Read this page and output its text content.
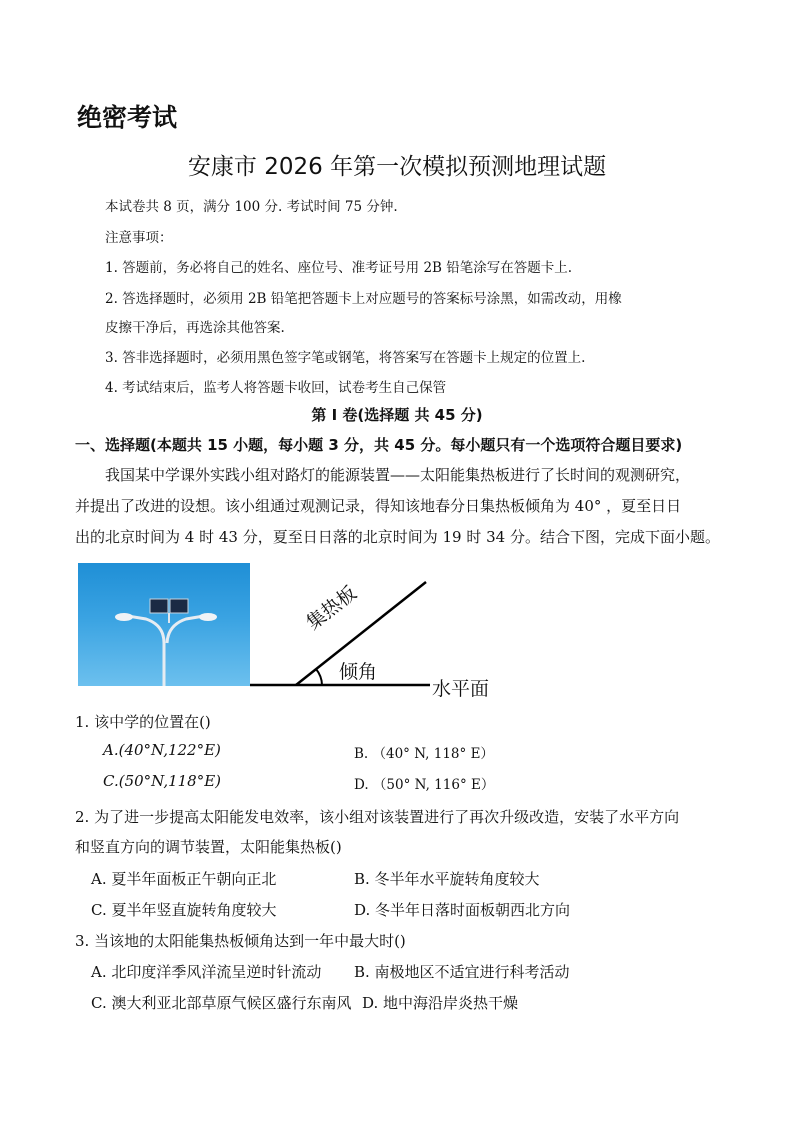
绝密考试
安康市 2026 年第一次模拟预测地理试题
本试卷共 8 页，满分 100 分. 考试时间 75 分钟.
注意事项：
1. 答题前，务必将自己的姓名、座位号、准考证号用 2B 铅笔涂写在答题卡上.
2. 答选择题时，必须用 2B 铅笔把答题卡上对应题号的答案标号涂黑，如需改动，用橡
皮擦干净后，再选涂其他答案.
3. 答非选择题时，必须用黑色签字笔或钢笔，将答案写在答题卡上规定的位置上.
4. 考试结束后，监考人将答题卡收回，试卷考生自己保管
第 I 卷(选择题 共 45 分)
一、选择题(本题共 15 小题，每小题 3 分，共 45 分。每小题只有一个选项符合题目要求)
我国某中学课外实践小组对路灯的能源装置——太阳能集热板进行了长时间的观测研究，
并提出了改进的设想。该小组通过观测记录，得知该地春分日集热板倾角为 40° ，夏至日日
出的北京时间为 4 时 43 分，夏至日日落的北京时间为 19 时 34 分。结合下图，完成下面小题。
集热板
倾角
水平面
1. 该中学的位置在()
A.(40°N,122°E)	B. （40° N, 118° E）
C.(50°N,118°E)	D. （50° N, 116° E）
2. 为了进一步提高太阳能发电效率，该小组对该装置进行了再次升级改造，安装了水平方向
和竖直方向的调节装置，太阳能集热板()
A. 夏半年面板正午朝向正北	B. 冬半年水平旋转角度较大
C. 夏半年竖直旋转角度较大	D. 冬半年日落时面板朝西北方向
3. 当该地的太阳能集热板倾角达到一年中最大时()
A. 北印度洋季风洋流呈逆时针流动 B. 南极地区不适宜进行科考活动
C. 澳大利亚北部草原气候区盛行东南风 D. 地中海沿岸炎热干燥
